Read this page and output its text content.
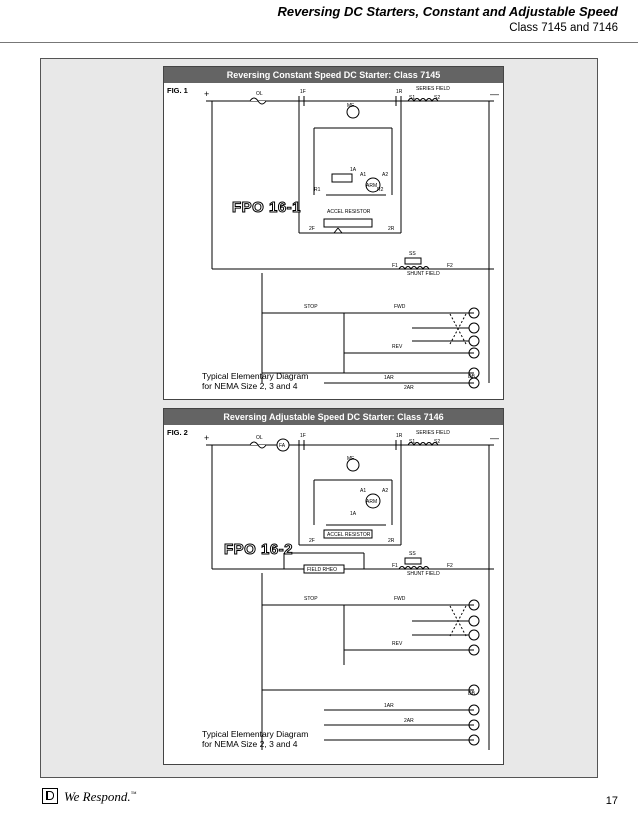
Reversing DC Starters, Constant and Adjustable Speed
Class 7145 and 7146
Reversing Constant Speed DC Starter: Class 7145
FIG. 1 +	—
OL
SERIES FIELD
S1	S2
1F	1R
MF
ARM
A1	A2
R1	R2
1A
ACCEL RESISTOR
2F	2R
SS
SHUNT FIELD
F1	F2
STOP	FWD
REV
DB
1AR
2AR
FPO 16-1
Typical Elementary Diagram
for NEMA Size 2, 3 and 4
Reversing Adjustable Speed DC Starter: Class 7146
FIG. 2
+	—
OL
FA
SERIES FIELD
S1	S2
1F	1R
MF
ARM
A1	A2
1A
ACCEL RESISTOR
2F	2R
FIELD RHEO
SS
SHUNT FIELD
F1	F2
STOP	FWD
REV
DB
1AR
2AR
FPO 16-2
Typical Elementary Diagram
for NEMA Size 2, 3 and 4
We Respond.™
17
